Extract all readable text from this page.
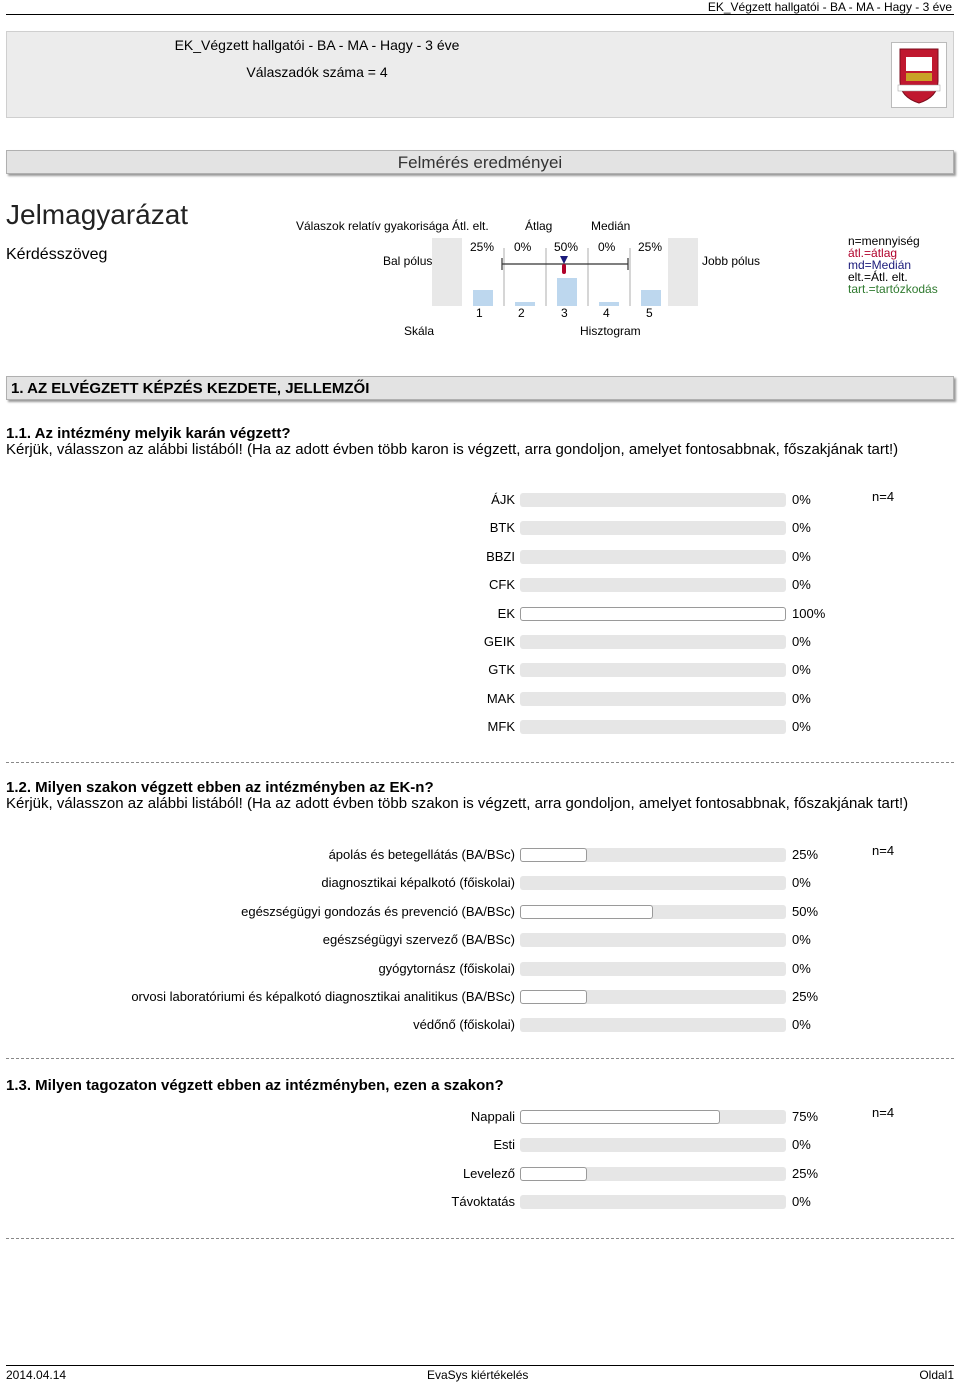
EK_Végzett hallgatói - BA - MA - Hagy - 3 éve
EK_Végzett hallgatói - BA - MA - Hagy - 3 éve
Válaszadók száma = 4
Felmérés eredményei
Jelmagyarázat
Kérdésszöveg
Válaszok relatív gyakorisága Átl. elt.	Átlag	Medián
Bal pólus	Jobb pólus
25% 0% 50% 0% 25%
1	2	3	4	5
Skála	Hisztogram
n=mennyiség
átl.=átlag
md=Medián
elt.=Átl. elt.
tart.=tartózkodás
1. AZ ELVÉGZETT KÉPZÉS KEZDETE, JELLEMZŐI
1.1. Az intézmény melyik karán végzett?
Kérjük, válasszon az alábbi listából! (Ha az adott évben több karon is végzett, arra gondoljon, amelyet fontosabbnak, főszakjának tart!)
n=4
ÁJK	0%
BTK	0%
BBZI	0%
CFK	0%
EK	100%
GEIK	0%
GTK	0%
MAK	0%
MFK	0%
1.2. Milyen szakon végzett ebben az intézményben az EK-n?
Kérjük, válasszon az alábbi listából! (Ha az adott évben több szakon is végzett, arra gondoljon, amelyet fontosabbnak, főszakjának tart!)
n=4
ápolás és betegellátás (BA/BSc)	25%
diagnosztikai képalkotó (főiskolai)	0%
egészségügyi gondozás és prevenció (BA/BSc)	50%
egészségügyi szervező (BA/BSc)	0%
gyógytornász (főiskolai)	0%
orvosi laboratóriumi és képalkotó diagnosztikai analitikus (BA/BSc)	25%
védőnő (főiskolai)	0%
1.3. Milyen tagozaton végzett ebben az intézményben, ezen a szakon?
n=4
Nappali	75%
Esti	0%
Levelező	25%
Távoktatás	0%
2014.04.14	EvaSys kiértékelés	Oldal1
